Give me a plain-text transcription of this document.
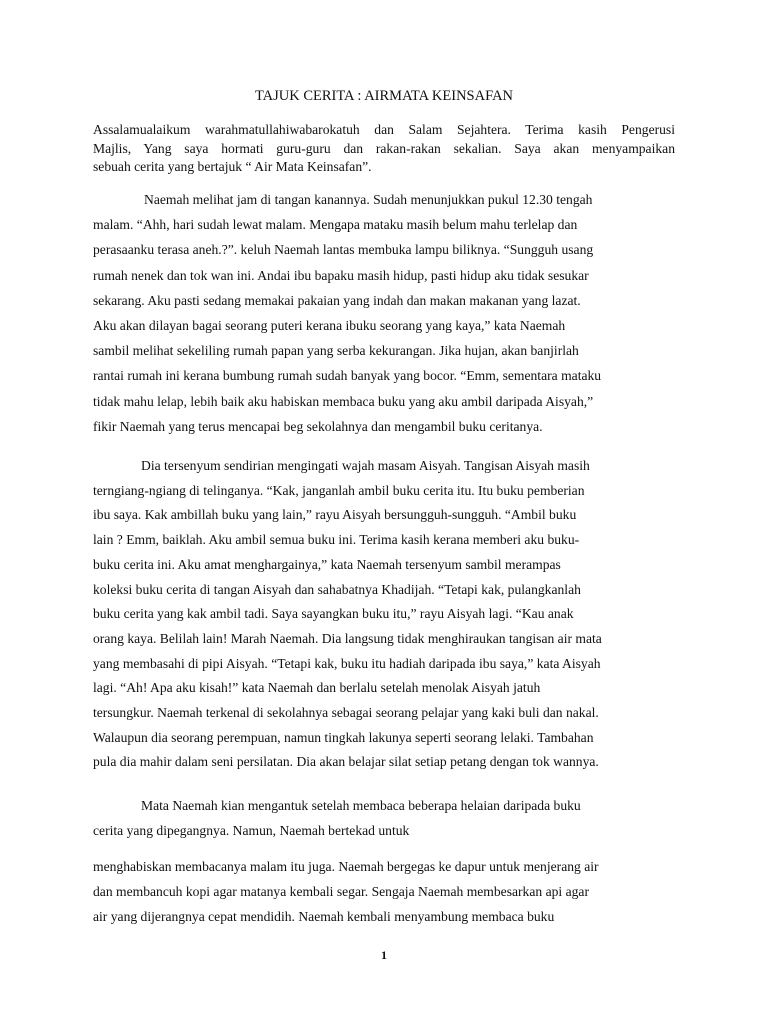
TAJUK CERITA : AIRMATA KEINSAFAN
Assalamualaikum warahmatullahiwabarokatuh dan Salam Sejahtera. Terima kasih Pengerusi
Majlis, Yang saya hormati guru-guru dan rakan-rakan sekalian. Saya akan menyampaikan
sebuah cerita yang bertajuk “ Air Mata Keinsafan”.
Naemah melihat jam di tangan kanannya. Sudah menunjukkan pukul 12.30 tengah
malam. “Ahh, hari sudah lewat malam. Mengapa mataku masih belum mahu terlelap dan
perasaanku terasa aneh.?”. keluh Naemah lantas membuka lampu biliknya. “Sungguh usang
rumah nenek dan tok wan ini. Andai ibu bapaku masih hidup, pasti hidup aku tidak sesukar
sekarang. Aku pasti sedang memakai pakaian yang indah dan makan makanan yang lazat.
Aku akan dilayan bagai seorang puteri kerana ibuku seorang yang kaya,” kata Naemah
sambil melihat sekeliling rumah papan yang serba kekurangan. Jika hujan, akan banjirlah
rantai rumah ini kerana bumbung rumah sudah banyak yang bocor. “Emm, sementara mataku
tidak mahu lelap, lebih baik aku habiskan membaca buku yang aku ambil daripada Aisyah,”
fikir Naemah yang terus mencapai beg sekolahnya dan mengambil buku ceritanya.
Dia tersenyum sendirian mengingati wajah masam Aisyah. Tangisan Aisyah masih
terngiang-ngiang di telinganya. “Kak, janganlah ambil buku cerita itu. Itu buku pemberian
ibu saya. Kak ambillah buku yang lain,” rayu Aisyah bersungguh-sungguh. “Ambil buku
lain ? Emm, baiklah. Aku ambil semua buku ini. Terima kasih kerana memberi aku buku-
buku cerita ini. Aku amat menghargainya,” kata Naemah tersenyum sambil merampas
koleksi buku cerita di tangan Aisyah dan sahabatnya Khadijah. “Tetapi kak, pulangkanlah
buku cerita yang kak ambil tadi. Saya sayangkan buku itu,” rayu Aisyah lagi. “Kau anak
orang kaya. Belilah lain! Marah Naemah. Dia langsung tidak menghiraukan tangisan air mata
yang membasahi di pipi Aisyah. “Tetapi kak, buku itu hadiah daripada ibu saya,” kata Aisyah
lagi. “Ah! Apa aku kisah!” kata Naemah dan berlalu setelah menolak Aisyah jatuh
tersungkur. Naemah terkenal di sekolahnya sebagai seorang pelajar yang kaki buli dan nakal.
Walaupun dia seorang perempuan, namun tingkah lakunya seperti seorang lelaki. Tambahan
pula dia mahir dalam seni persilatan. Dia akan belajar silat setiap petang dengan tok wannya.
Mata Naemah kian mengantuk setelah membaca beberapa helaian daripada buku
cerita yang dipegangnya. Namun, Naemah bertekad untuk
menghabiskan membacanya malam itu juga. Naemah bergegas ke dapur untuk menjerang air
dan membancuh kopi agar matanya kembali segar. Sengaja Naemah membesarkan api agar
air yang dijerangnya cepat mendidih. Naemah kembali menyambung membaca buku
1
